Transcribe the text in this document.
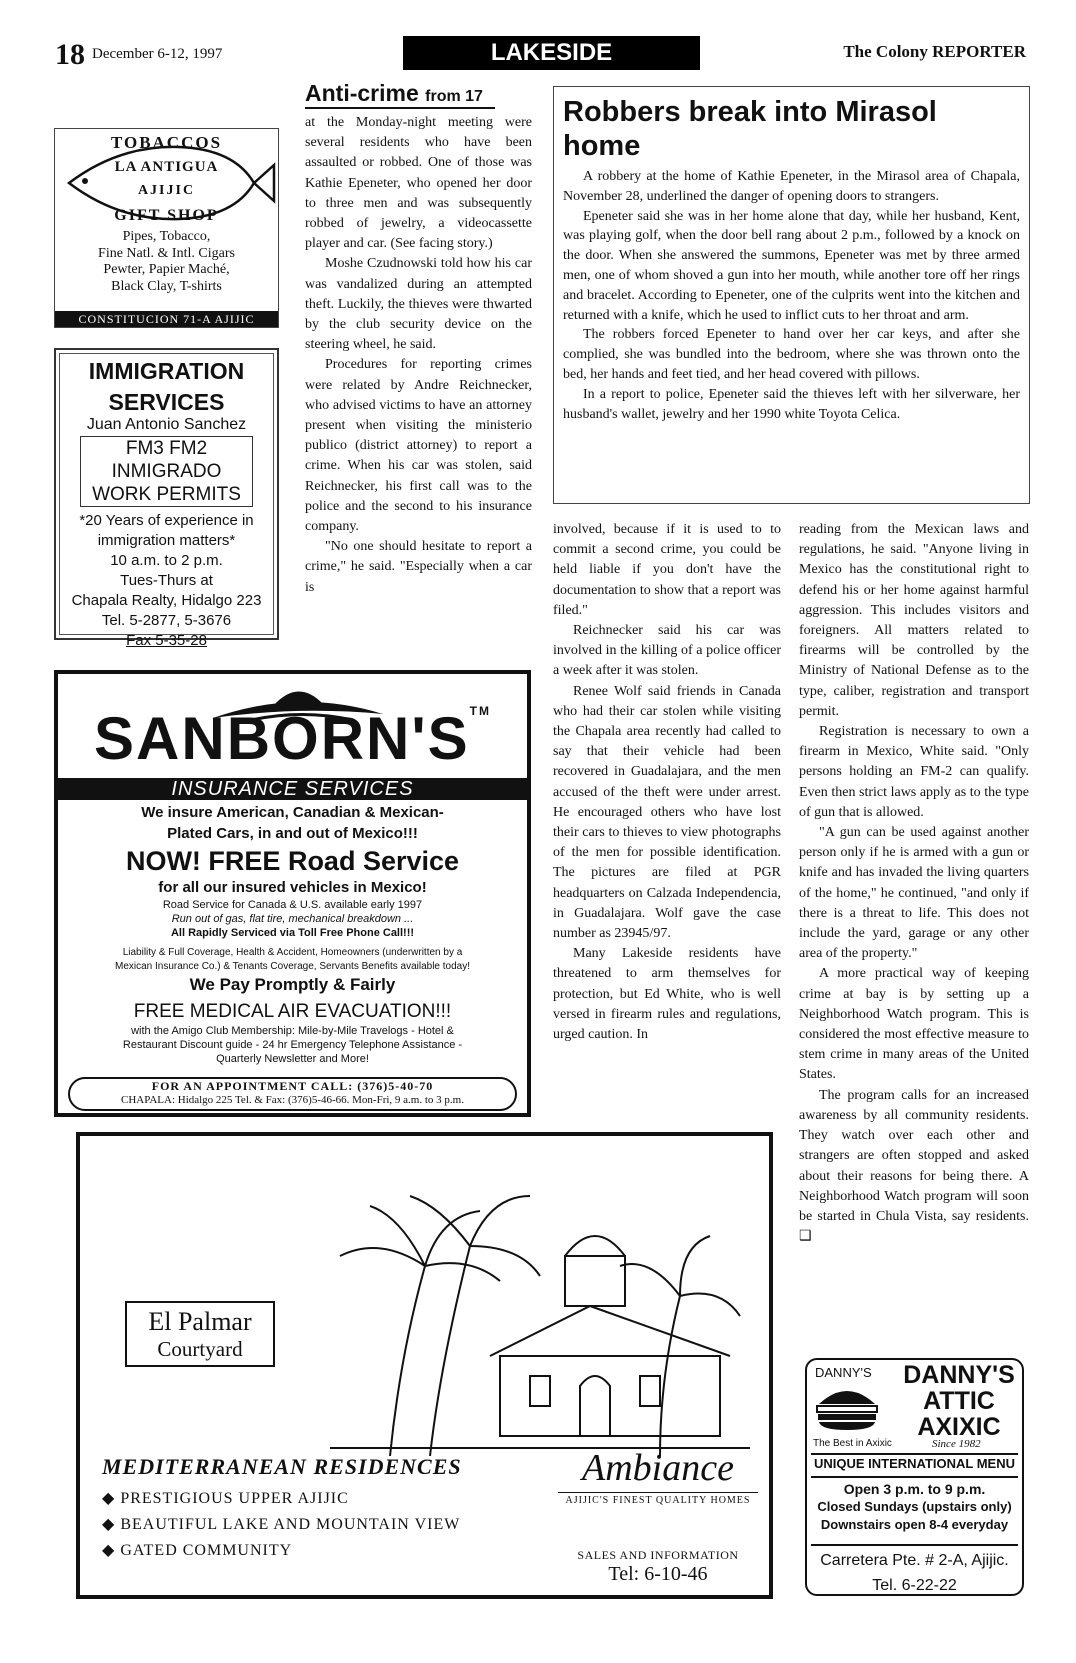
18 December 6-12, 1997	LAKESIDE	The Colony REPORTER
Anti-crime from 17

at the Monday-night meeting were several residents who have been assaulted or robbed. One of those was Kathie Epeneter, who opened her door to three men and was subsequently robbed of jewelry, a videocassette player and car. (See facing story.)

Moshe Czudnowski told how his car was vandalized during an attempted theft. Luckily, the thieves were thwarted by the club security device on the steering wheel, he said.

Procedures for reporting crimes were related by Andre Reichnecker, who advised victims to have an attorney present when visiting the ministerio publico (district attorney) to report a crime. When his car was stolen, said Reichnecker, his first call was to the police and the second to his insurance company.

"No one should hesitate to report a crime," he said. "Especially when a car is

TOBACCOS
LA ANTIGUA
AJIJIC
GIFT SHOP
Pipes, Tobacco,
Fine Natl. & Intl. Cigars
Pewter, Papier Maché,
Black Clay, T-shirts
CONSTITUCION 71-A AJIJIC
IMMIGRATION
SERVICES
Juan Antonio Sanchez
FM3 FM2
INMIGRADO
WORK PERMITS
*20 Years of experience in
immigration matters*
10 a.m. to 2 p.m.
Tues-Thurs at
Chapala Realty, Hidalgo 223
Tel. 5-2877, 5-3676
Fax 5-35-28
SANBORN'S™
INSURANCE SERVICES
We insure American, Canadian & Mexican-
Plated Cars, in and out of Mexico!!!
NOW! FREE Road Service
for all our insured vehicles in Mexico!
Road Service for Canada & U.S. available early 1997
Run out of gas, flat tire, mechanical breakdown ...
All Rapidly Serviced via Toll Free Phone Call!!!
Liability & Full Coverage, Health & Accident, Homeowners (underwritten by a
Mexican Insurance Co.) & Tenants Coverage, Servants Benefits available today!
We Pay Promptly & Fairly
FREE MEDICAL AIR EVACUATION!!!
with the Amigo Club Membership: Mile-by-Mile Travelogs - Hotel &
Restaurant Discount guide - 24 hr Emergency Telephone Assistance -
Quarterly Newsletter and More!
FOR AN APPOINTMENT CALL: (376)5-40-70
CHAPALA: Hidalgo 225 Tel. & Fax: (376)5-46-66. Mon-Fri, 9 a.m. to 3 p.m.
Robbers break into Mirasol home

A robbery at the home of Kathie Epeneter, in the Mirasol area of Chapala, November 28, underlined the danger of opening doors to strangers.

Epeneter said she was in her home alone that day, while her husband, Kent, was playing golf, when the door bell rang about 2 p.m., followed by a knock on the door. When she answered the summons, Epeneter was met by three armed men, one of whom shoved a gun into her mouth, while another tore off her rings and bracelet. According to Epeneter, one of the culprits went into the kitchen and returned with a knife, which he used to inflict cuts to her throat and arm.

The robbers forced Epeneter to hand over her car keys, and after she complied, she was bundled into the bedroom, where she was thrown onto the bed, her hands and feet tied, and her head covered with pillows.

In a report to police, Epeneter said the thieves left with her silverware, her husband's wallet, jewelry and her 1990 white Toyota Celica.

involved, because if it is used to to commit a second crime, you could be held liable if you don't have the documentation to show that a report was filed."

Reichnecker said his car was involved in the killing of a police officer a week after it was stolen.

Renee Wolf said friends in Canada who had their car stolen while visiting the Chapala area recently had called to say that their vehicle had been recovered in Guadalajara, and the men accused of the theft were under arrest. He encouraged others who have lost their cars to thieves to view photographs of the men for possible identification. The pictures are filed at PGR headquarters on Calzada Independencia, in Guadalajara. Wolf gave the case number as 23945/97.

Many Lakeside residents have threatened to arm themselves for protection, but Ed White, who is well versed in firearm rules and regulations, urged caution. In

reading from the Mexican laws and regulations, he said. "Anyone living in Mexico has the constitutional right to defend his or her home against harmful aggression. This includes visitors and foreigners. All matters related to firearms will be controlled by the Ministry of National Defense as to the type, caliber, registration and transport permit.

Registration is necessary to own a firearm in Mexico, White said. "Only persons holding an FM-2 can qualify. Even then strict laws apply as to the type of gun that is allowed.

"A gun can be used against another person only if he is armed with a gun or knife and has invaded the living quarters of the home," he continued, "and only if there is a threat to life. This does not include the yard, garage or any other area of the property."

A more practical way of keeping crime at bay is by setting up a Neighborhood Watch program. This is considered the most effective measure to stem crime in many areas of the United States.

The program calls for an increased awareness by all community residents. They watch over each other and strangers are often stopped and asked about their reasons for being there. A Neighborhood Watch program will soon be started in Chula Vista, say residents. ❑

El Palmar
Courtyard
MEDITERRANEAN RESIDENCES
◆ PRESTIGIOUS UPPER AJIJIC
◆ BEAUTIFUL LAKE AND MOUNTAIN VIEW
◆ GATED COMMUNITY
Ambiance
AJIJIC'S FINEST QUALITY HOMES
SALES AND INFORMATION
Tel: 6-10-46
DANNY'S	DANNY'S
ATTIC
AXIXIC
The Best in Axixic	Since 1982
UNIQUE INTERNATIONAL MENU
Open 3 p.m. to 9 p.m.
Closed Sundays (upstairs only)
Downstairs open 8-4 everyday
Carretera Pte. # 2-A, Ajijic.
Tel. 6-22-22
